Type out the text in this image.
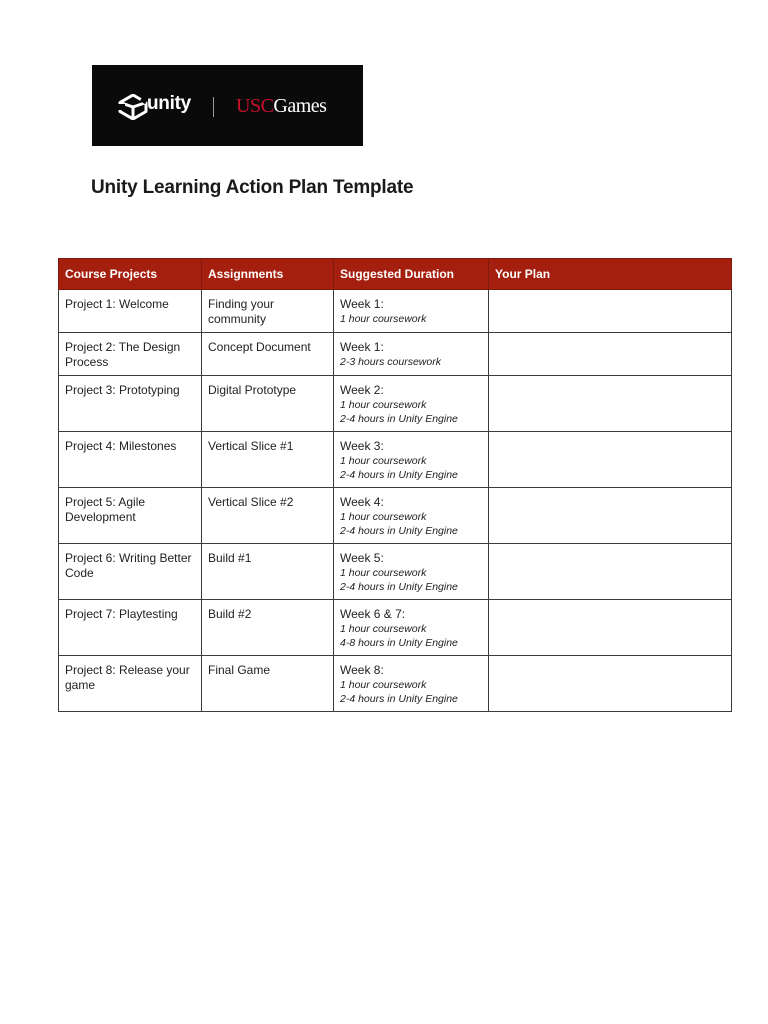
unity USCGames
Unity Learning Action Plan Template
Course Projects	Assignments	Suggested Duration	Your Plan
Project 1: Welcome	Finding your community	Week 1:
1 hour coursework	

Project 2: The Design Process	Concept Document	Week 1:
2-3 hours coursework	

Project 3: Prototyping	Digital Prototype	Week 2:
1 hour coursework
2-4 hours in Unity Engine	

Project 4: Milestones	Vertical Slice #1	Week 3:
1 hour coursework
2-4 hours in Unity Engine	

Project 5: Agile Development	Vertical Slice #2	Week 4:
1 hour coursework
2-4 hours in Unity Engine	

Project 6: Writing Better Code	Build #1	Week 5:
1 hour coursework
2-4 hours in Unity Engine	

Project 7: Playtesting	Build #2	Week 6 & 7:
1 hour coursework
4-8 hours in Unity Engine	

Project 8: Release your game	Final Game	Week 8:
1 hour coursework
2-4 hours in Unity Engine	
